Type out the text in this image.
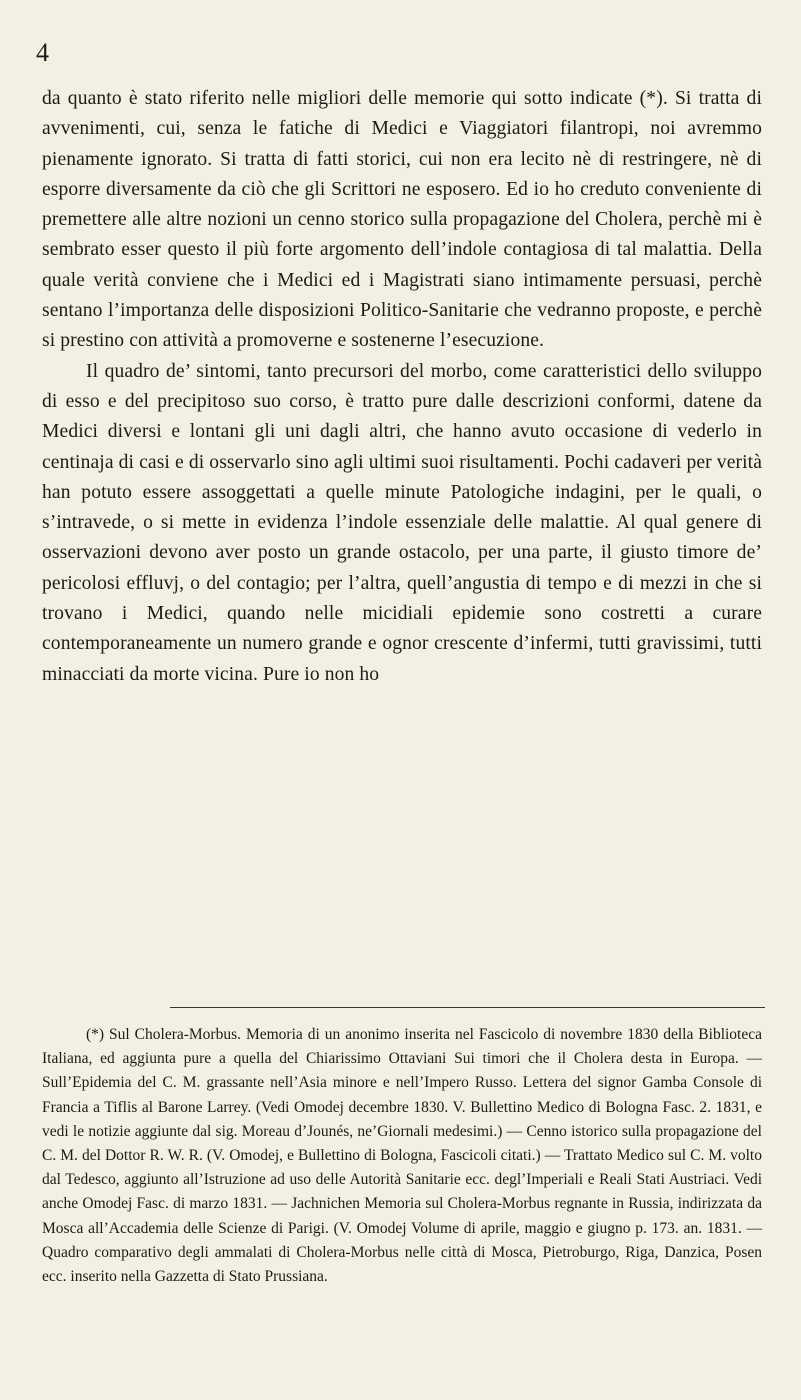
4

da quanto è stato riferito nelle migliori delle memorie qui sotto indicate (*). Si tratta di avvenimenti, cui, senza le fatiche di Medici e Viaggiatori filantropi, noi avremmo pienamente ignorato. Si tratta di fatti storici, cui non era lecito nè di restringere, nè di esporre diversamente da ciò che gli Scrittori ne esposero. Ed io ho creduto conveniente di premettere alle altre nozioni un cenno storico sulla propagazione del Cholera, perchè mi è sembrato esser questo il più forte argomento dell’indole contagiosa di tal malattia. Della quale verità conviene che i Medici ed i Magistrati siano intimamente persuasi, perchè sentano l’importanza delle disposizioni Politico-Sanitarie che vedranno proposte, e perchè si prestino con attività a promoverne e sostenerne l’esecuzione.

Il quadro de’ sintomi, tanto precursori del morbo, come caratteristici dello sviluppo di esso e del precipitoso suo corso, è tratto pure dalle descrizioni conformi, datene da Medici diversi e lontani gli uni dagli altri, che hanno avuto occasione di vederlo in centinaja di casi e di osservarlo sino agli ultimi suoi risultamenti. Pochi cadaveri per verità han potuto essere assoggettati a quelle minute Patologiche indagini, per le quali, o s’intravede, o si mette in evidenza l’indole essenziale delle malattie. Al qual genere di osservazioni devono aver posto un grande ostacolo, per una parte, il giusto timore de’ pericolosi effluvj, o del contagio; per l’altra, quell’angustia di tempo e di mezzi in che si trovano i Medici, quando nelle micidiali epidemie sono costretti a curare contemporaneamente un numero grande e ognor crescente d’infermi, tutti gravissimi, tutti minacciati da morte vicina. Pure io non ho

(*) Sul Cholera-Morbus. Memoria di un anonimo inserita nel Fascicolo di novembre 1830 della Biblioteca Italiana, ed aggiunta pure a quella del Chiarissimo Ottaviani Sui timori che il Cholera desta in Europa. — Sull’Epidemia del C. M. grassante nell’Asia minore e nell’Impero Russo. Lettera del signor Gamba Console di Francia a Tiflis al Barone Larrey. (Vedi Omodej decembre 1830. V. Bullettino Medico di Bologna Fasc. 2. 1831, e vedi le notizie aggiunte dal sig. Moreau d’Jounés, ne’Giornali medesimi.) — Cenno istorico sulla propagazione del C. M. del Dottor R. W. R. (V. Omodej, e Bullettino di Bologna, Fascicoli citati.) — Trattato Medico sul C. M. volto dal Tedesco, aggiunto all’Istruzione ad uso delle Autorità Sanitarie ecc. degl’Imperiali e Reali Stati Austriaci. Vedi anche Omodej Fasc. di marzo 1831. — Jachnichen Memoria sul Cholera-Morbus regnante in Russia, indirizzata da Mosca all’Accademia delle Scienze di Parigi. (V. Omodej Volume di aprile, maggio e giugno p. 173. an. 1831. — Quadro comparativo degli ammalati di Cholera-Morbus nelle città di Mosca, Pietroburgo, Riga, Danzica, Posen ecc. inserito nella Gazzetta di Stato Prussiana.
